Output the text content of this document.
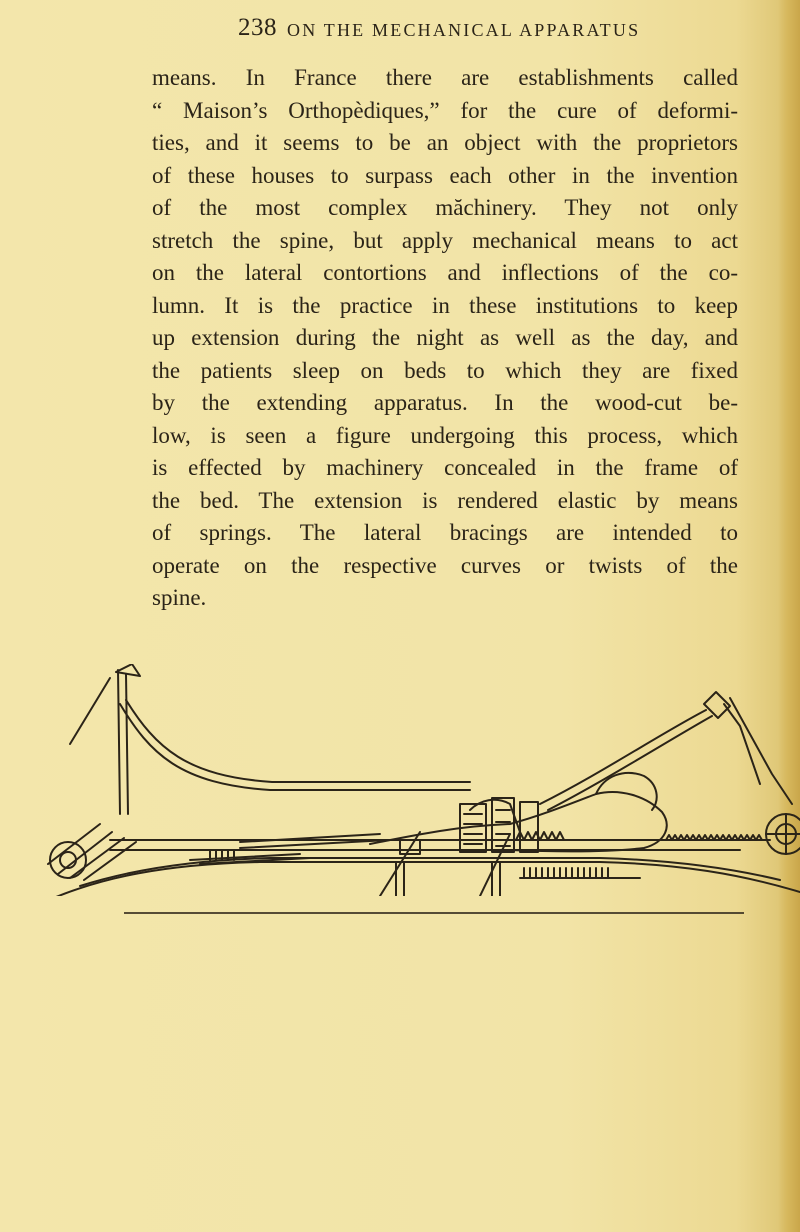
238 ON THE MECHANICAL APPARATUS
means. In France there are establishments called
“ Maison’s Orthopèdiques,” for the cure of deformi-
ties, and it seems to be an object with the proprietors
of these houses to surpass each other in the invention
of the most complex măchinery. They not only
stretch the spine, but apply mechanical means to act
on the lateral contortions and inflections of the co-
lumn. It is the practice in these institutions to keep
up extension during the night as well as the day, and
the patients sleep on beds to which they are fixed
by the extending apparatus. In the wood-cut be-
low, is seen a figure undergoing this process, which
is effected by machinery concealed in the frame of
the bed. The extension is rendered elastic by means
of springs. The lateral bracings are intended to
operate on the respective curves or twists of the
spine.
